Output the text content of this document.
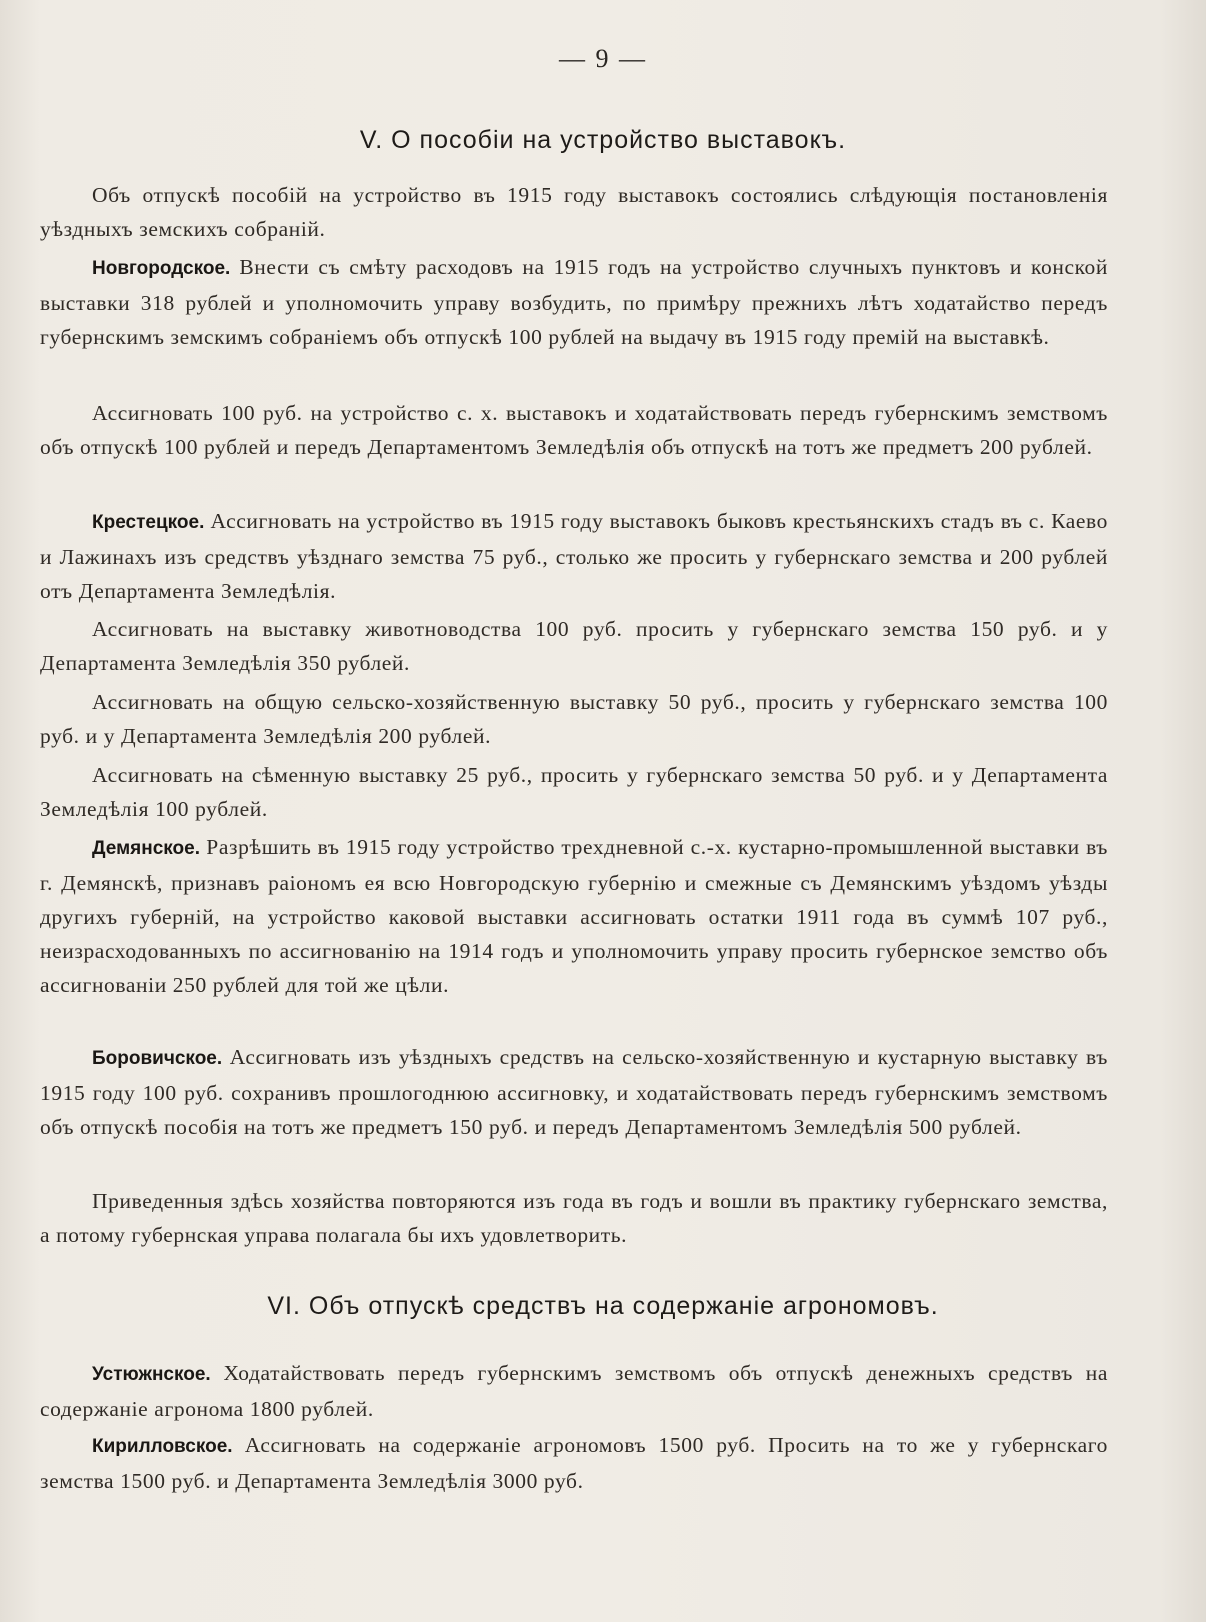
— 9 —
V. О пособіи на устройство выставокъ.

Объ отпускѣ пособій на устройство въ 1915 году выставокъ состоялись слѣдующія постановленія уѣздныхъ земскихъ собраній.

Новгородское. Внести съ смѣту расходовъ на 1915 годъ на устройство случныхъ пунктовъ и конской выставки 318 рублей и уполномочить управу возбудить, по примѣру прежнихъ лѣтъ ходатайство передъ губернскимъ земскимъ собраніемъ объ отпускѣ 100 рублей на выдачу въ 1915 году премій на выставкѣ.

Ассигновать 100 руб. на устройство с. х. выставокъ и ходатайствовать передъ губернскимъ земствомъ объ отпускѣ 100 рублей и передъ Департаментомъ Земледѣлія объ отпускѣ на тотъ же предметъ 200 рублей.

Крестецкое. Ассигновать на устройство въ 1915 году выставокъ быковъ крестьянскихъ стадъ въ с. Каево и Лажинахъ изъ средствъ уѣзднаго земства 75 руб., столько же просить у губернскаго земства и 200 рублей отъ Департамента Земледѣлія.

Ассигновать на выставку животноводства 100 руб. просить у губернскаго земства 150 руб. и у Департамента Земледѣлія 350 рублей.

Ассигновать на общую сельско-хозяйственную выставку 50 руб., просить у губернскаго земства 100 руб. и у Департамента Земледѣлія 200 рублей.

Ассигновать на сѣменную выставку 25 руб., просить у губернскаго земства 50 руб. и у Департамента Земледѣлія 100 рублей.

Демянское. Разрѣшить въ 1915 году устройство трехдневной с.-х. кустарно-промышленной выставки въ г. Демянскѣ, признавъ раіономъ ея всю Новгородскую губернію и смежные съ Демянскимъ уѣздомъ уѣзды другихъ губерній, на устройство каковой выставки ассигновать остатки 1911 года въ суммѣ 107 руб., неизрасходованныхъ по ассигнованію на 1914 годъ и уполномочить управу просить губернское земство объ ассигнованіи 250 рублей для той же цѣли.

Боровичское. Ассигновать изъ уѣздныхъ средствъ на сельско-хозяйственную и кустарную выставку въ 1915 году 100 руб. сохранивъ прошлогоднюю ассигновку, и ходатайствовать передъ губернскимъ земствомъ объ отпускѣ пособія на тотъ же предметъ 150 руб. и передъ Департаментомъ Земледѣлія 500 рублей.

Приведенныя здѣсь хозяйства повторяются изъ года въ годъ и вошли въ практику губернскаго земства, а потому губернская управа полагала бы ихъ удовлетворить.

VI. Объ отпускѣ средствъ на содержаніе агрономовъ.

Устюжнское. Ходатайствовать передъ губернскимъ земствомъ объ отпускѣ денежныхъ средствъ на содержаніе агронома 1800 рублей.

Кирилловское. Ассигновать на содержаніе агрономовъ 1500 руб. Просить на то же у губернскаго земства 1500 руб. и Департамента Земледѣлія 3000 руб.
